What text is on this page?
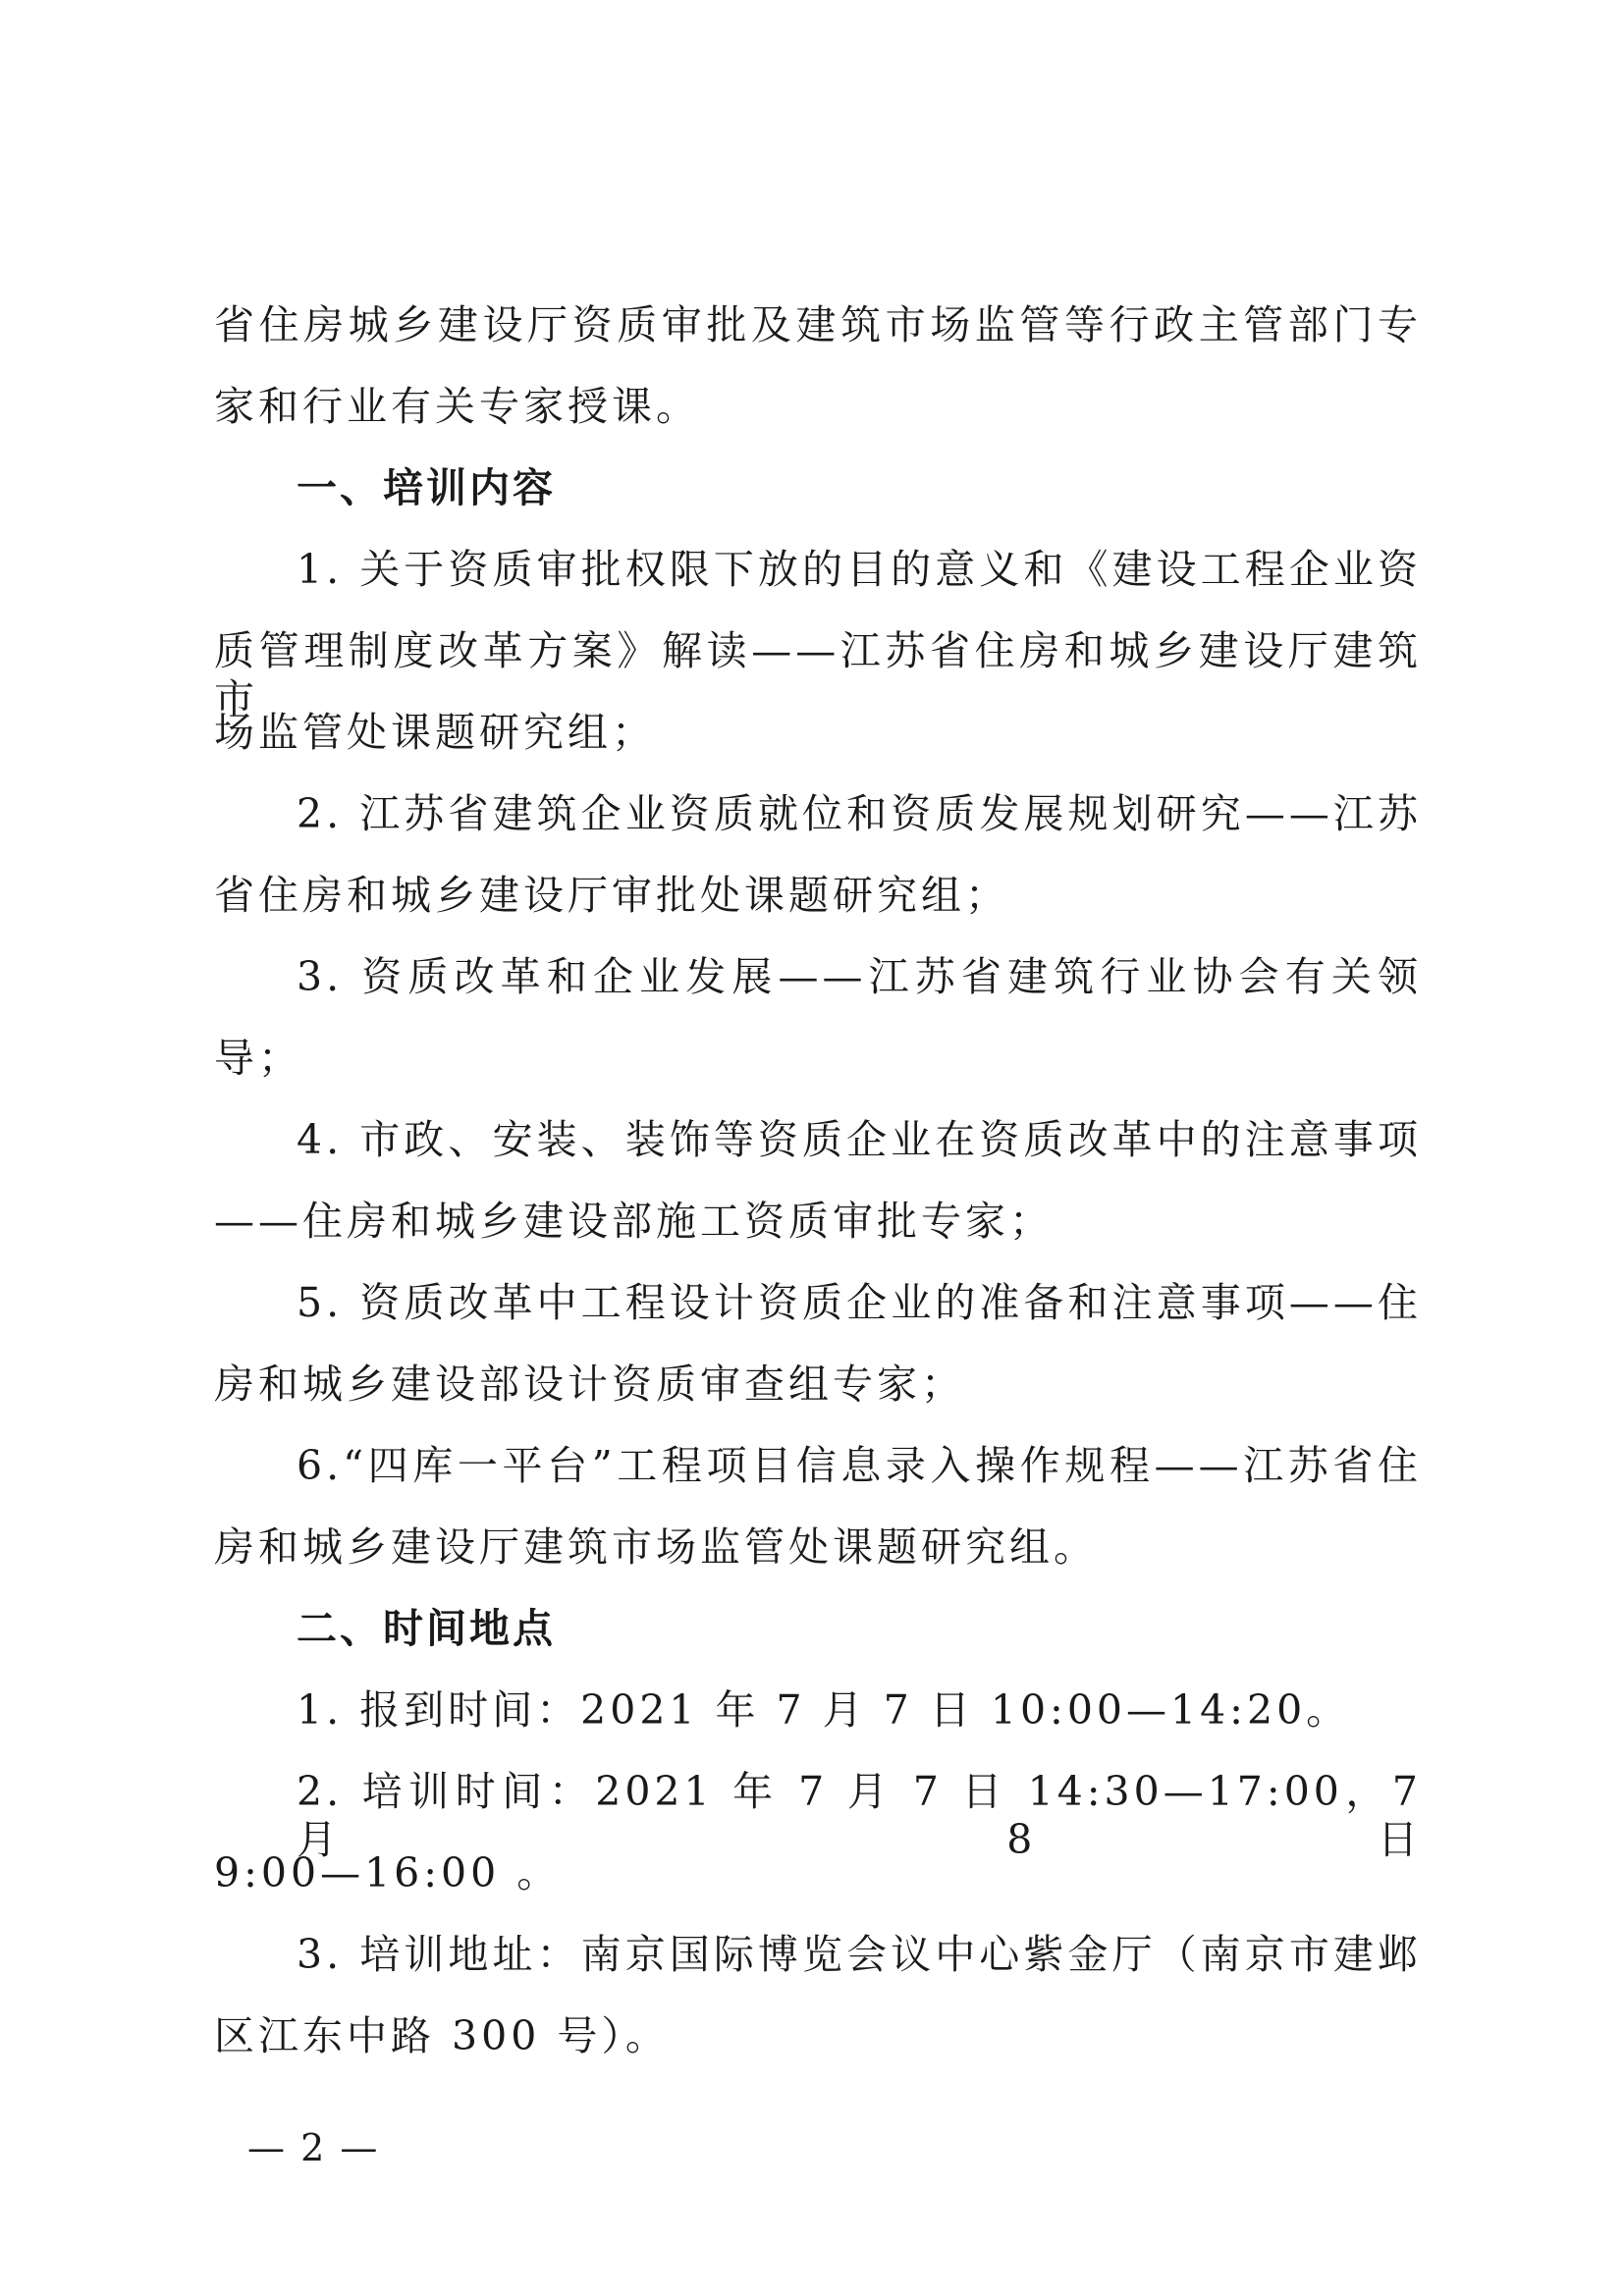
省住房城乡建设厅资质审批及建筑市场监管等行政主管部门专
家和行业有关专家授课。
一、培训内容
1. 关于资质审批权限下放的目的意义和《建设工程企业资
质管理制度改革方案》解读——江苏省住房和城乡建设厅建筑市
场监管处课题研究组；
2. 江苏省建筑企业资质就位和资质发展规划研究——江苏
省住房和城乡建设厅审批处课题研究组；
3. 资质改革和企业发展——江苏省建筑行业协会有关领
导；
4. 市政、安装、装饰等资质企业在资质改革中的注意事项
——住房和城乡建设部施工资质审批专家；
5. 资质改革中工程设计资质企业的准备和注意事项——住
房和城乡建设部设计资质审查组专家；
6.“四库一平台”工程项目信息录入操作规程——江苏省住
房和城乡建设厅建筑市场监管处课题研究组。
二、时间地点
1. 报到时间：2021 年 7 月 7 日 10:00—14:20。
2. 培训时间：2021 年 7 月 7 日 14:30—17:00，7 月 8 日
9:00—16:00 。
3. 培训地址：南京国际博览会议中心紫金厅（南京市建邺
区江东中路 300 号）。
— 2 —
